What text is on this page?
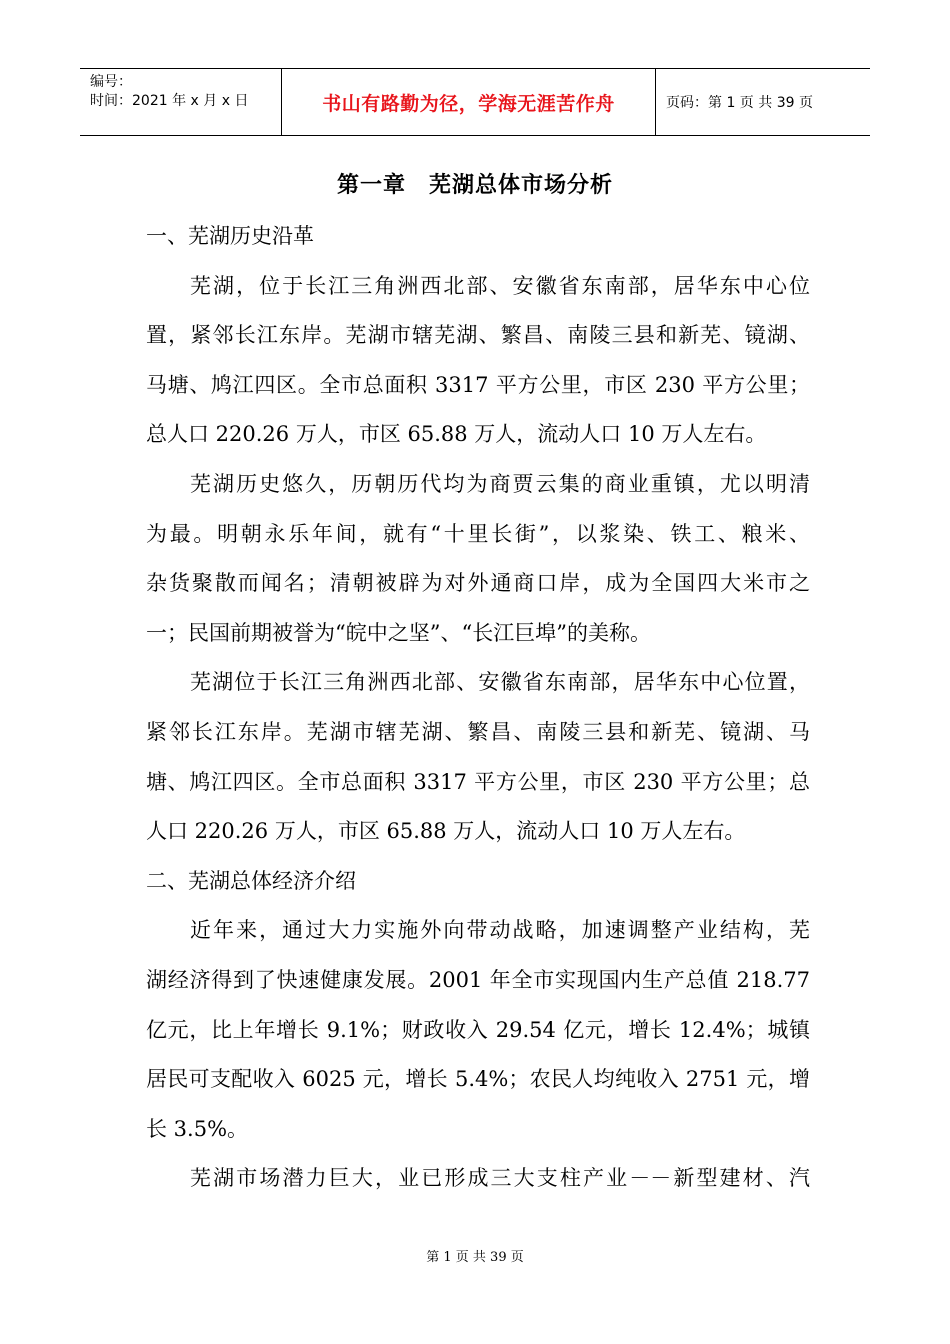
编号：
时间：2021 年 x 月 x 日	书山有路勤为径，学海无涯苦作舟	页码：第 1 页 共 39 页
第一章　芜湖总体市场分析
一、芜湖历史沿革
芜湖，位于长江三角洲西北部、安徽省东南部，居华东中心位
置，紧邻长江东岸。芜湖市辖芜湖、繁昌、南陵三县和新芜、镜湖、
马塘、鸠江四区。全市总面积 3317 平方公里，市区 230 平方公里；
总人口 220.26 万人，市区 65.88 万人，流动人口 10 万人左右。
芜湖历史悠久，历朝历代均为商贾云集的商业重镇，尤以明清
为最。明朝永乐年间，就有“十里长街”，以浆染、铁工、粮米、
杂货聚散而闻名；清朝被辟为对外通商口岸，成为全国四大米市之
一；民国前期被誉为“皖中之坚”、“长江巨埠”的美称。
芜湖位于长江三角洲西北部、安徽省东南部，居华东中心位置，
紧邻长江东岸。芜湖市辖芜湖、繁昌、南陵三县和新芜、镜湖、马
塘、鸠江四区。全市总面积 3317 平方公里，市区 230 平方公里；总
人口 220.26 万人，市区 65.88 万人，流动人口 10 万人左右。
二、芜湖总体经济介绍
近年来，通过大力实施外向带动战略，加速调整产业结构，芜
湖经济得到了快速健康发展。2001 年全市实现国内生产总值 218.77
亿元，比上年增长 9.1%；财政收入 29.54 亿元，增长 12.4%；城镇
居民可支配收入 6025 元，增长 5.4%；农民人均纯收入 2751 元，增
长 3.5%。
芜湖市场潜力巨大，业已形成三大支柱产业－－新型建材、汽
第 1 页 共 39 页
